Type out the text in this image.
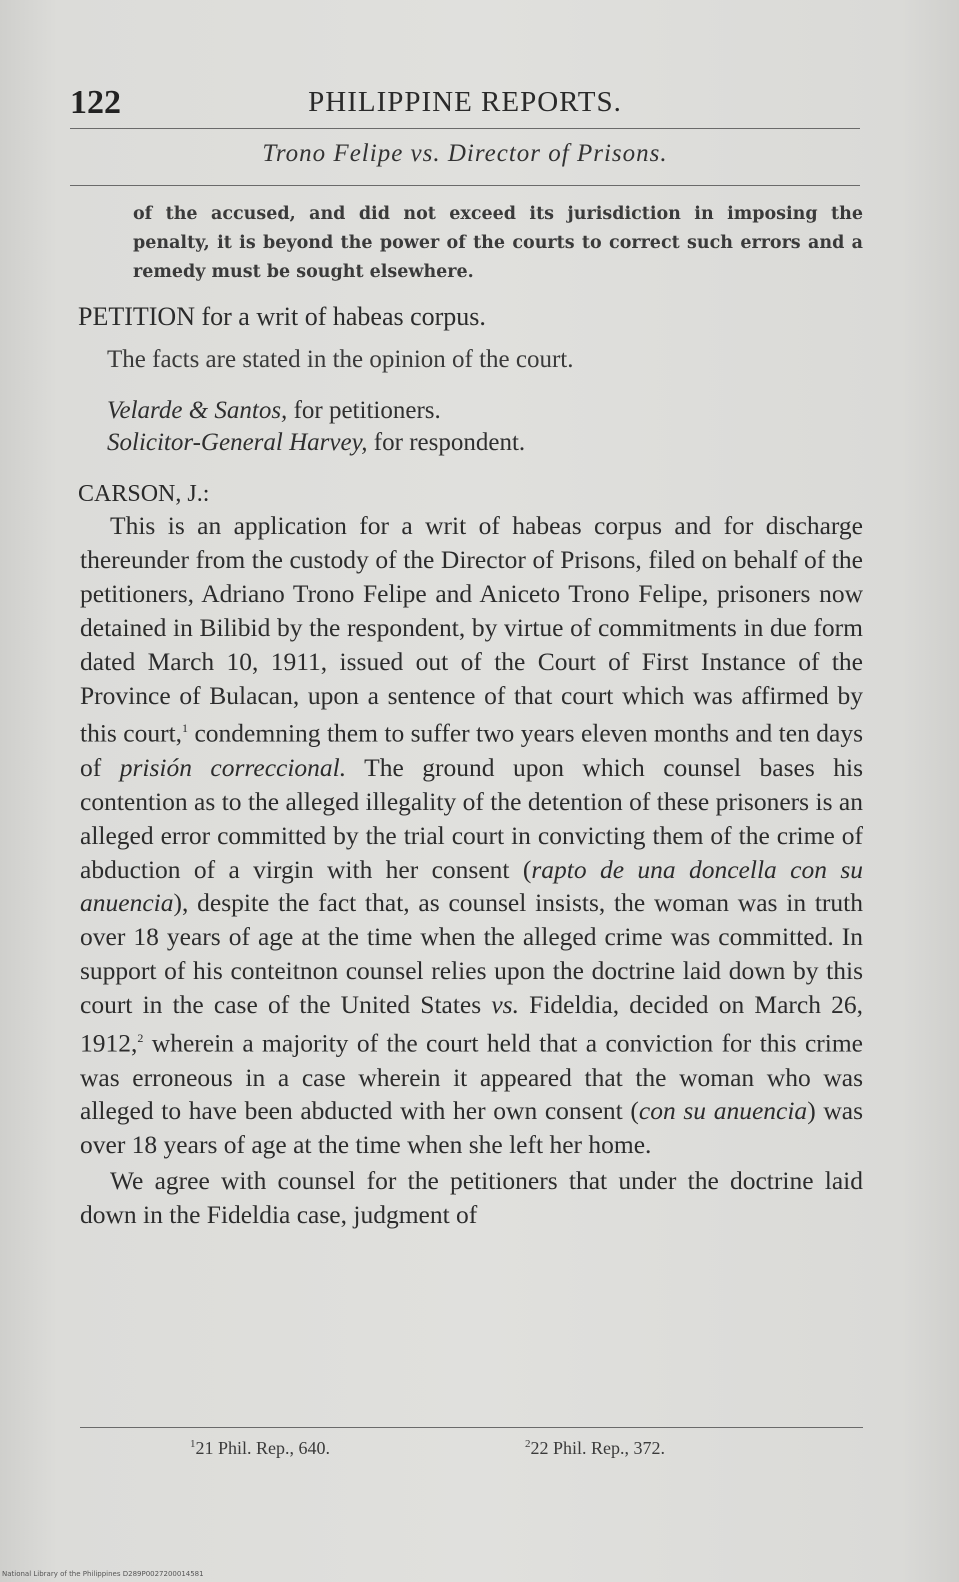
122	PHILIPPINE REPORTS.
Trono Felipe vs. Director of Prisons.
of the accused, and did not exceed its jurisdiction in imposing the penalty, it is beyond the power of the courts to correct such errors and a remedy must be sought elsewhere.
PETITION for a writ of habeas corpus.
The facts are stated in the opinion of the court.
Velarde & Santos, for petitioners.
Solicitor-General Harvey, for respondent.
CARSON, J.:

This is an application for a writ of habeas corpus and for discharge thereunder from the custody of the Director of Prisons, filed on behalf of the petitioners, Adriano Trono Felipe and Aniceto Trono Felipe, prisoners now detained in Bilibid by the respondent, by virtue of commitments in due form dated March 10, 1911, issued out of the Court of First Instance of the Province of Bulacan, upon a sentence of that court which was affirmed by this court,$^1$ condemning them to suffer two years eleven months and ten days of prisión correccional. The ground upon which counsel bases his contention as to the alleged illegality of the detention of these prisoners is an alleged error committed by the trial court in convicting them of the crime of abduction of a virgin with her consent (rapto de una doncella con su anuencia), despite the fact that, as counsel insists, the woman was in truth over 18 years of age at the time when the alleged crime was committed. In support of his conteitnon counsel relies upon the doctrine laid down by this court in the case of the United States vs. Fideldia, decided on March 26, 1912,$^2$ wherein a majority of the court held that a conviction for this crime was erroneous in a case wherein it appeared that the woman who was alleged to have been abducted with her own consent (con su anuencia) was over 18 years of age at the time when she left her home.

We agree with counsel for the petitioners that under the doctrine laid down in the Fideldia case, judgment of

$^1$21 Phil. Rep., 640.	$^2$22 Phil. Rep., 372.
National Library of the Philippines D289P0027200014581
